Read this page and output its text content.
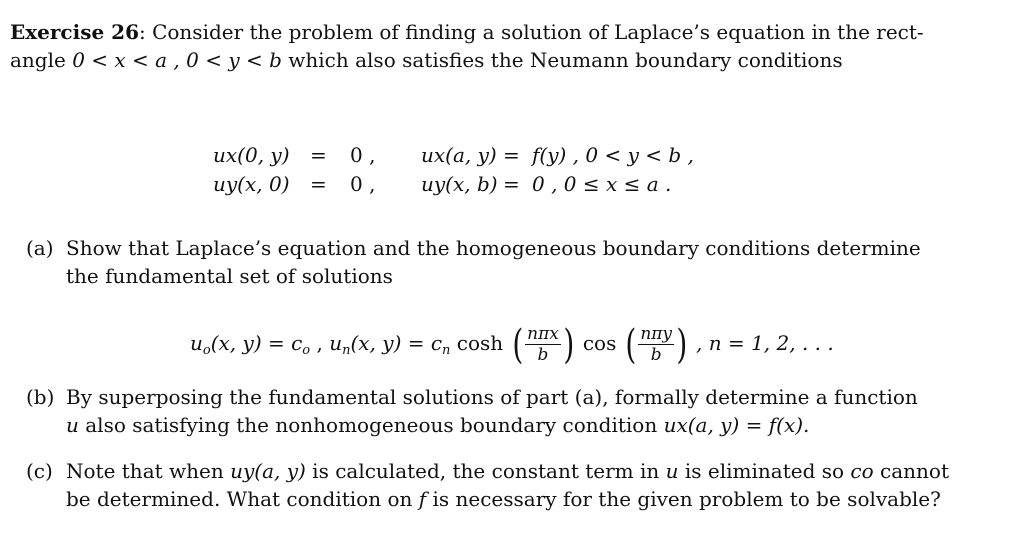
Exercise 26: Consider the problem of finding a solution of Laplace’s equation in the rect-
angle 0 < x < a , 0 < y < b which also satisfies the Neumann boundary conditions
ux(0, y) = 0 , ux(a, y) = f(y) , 0 < y < b ,
uy(x, 0) = 0 , uy(x, b) = 0 , 0 ≤ x ≤ a .
(a) Show that Laplace’s equation and the homogeneous boundary conditions determine
the fundamental set of solutions
$u_o(x$, $y) = c_o$ , $u_n(x$, $y) = c_n$ cosh ( $\frac{\text{nπx}}{b}$ ) cos ( $\frac{\text{nπy}}{b}$ ) , n = 1, 2, . . .
(b) By superposing the fundamental solutions of part (a), formally determine a function
u also satisfying the nonhomogeneous boundary condition ux(a, y) = f(x).
(c) Note that when uy(a, y) is calculated, the constant term in u is eliminated so co cannot
be determined. What condition on f is necessary for the given problem to be solvable?
